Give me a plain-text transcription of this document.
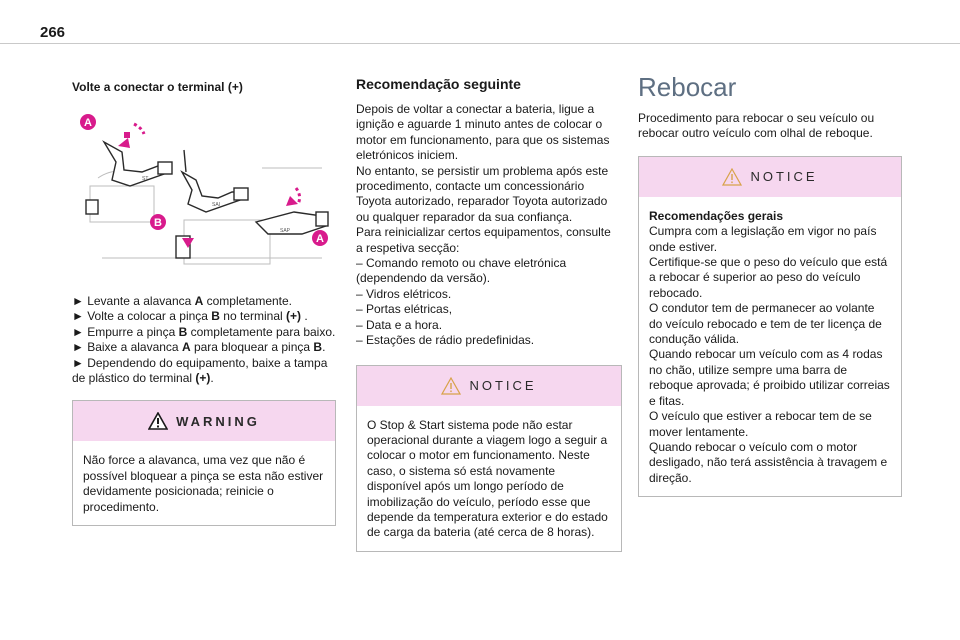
266
Volte a conectar o terminal (+)
A
B
A
ST
SAI
SAP
► Levante a alavanca A completamente.
► Volte a colocar a pinça B no terminal (+) .
► Empurre a pinça B completamente para baixo.
► Baixe a alavanca A para bloquear a pinça B.
► Dependendo do equipamento, baixe a tampa de plástico do terminal (+).
WARNING
Não force a alavanca, uma vez que não é possível bloquear a pinça se esta não estiver devidamente posicionada; reinicie o procedimento.
Recomendação seguinte

Depois de voltar a conectar a bateria, ligue a

ignição e aguarde 1 minuto antes de colocar o

motor em funcionamento, para que os sistemas

eletrónicos iniciem.

No entanto, se persistir um problema após este

procedimento, contacte um concessionário

Toyota autorizado, reparador Toyota autorizado

ou qualquer reparador da sua confiança.

Para reinicializar certos equipamentos, consulte

a respetiva secção:

– Comando remoto ou chave eletrónica

(dependendo da versão).

– Vidros elétricos.

– Portas elétricas,

– Data e a hora.

– Estações de rádio predefinidas.

NOTICE
O Stop & Start sistema pode não estar operacional durante a viagem logo a seguir a colocar o motor em funcionamento. Neste caso, o sistema só está novamente disponível após um longo período de imobilização do veículo, período esse que depende da temperatura exterior e do estado de carga da bateria (até cerca de 8 horas).
Rebocar

Procedimento para rebocar o seu veículo ou rebocar outro veículo com olhal de reboque.

NOTICE
Recomendações gerais
Cumpra com a legislação em vigor no país onde estiver.
Certifique-se que o peso do veículo que está a rebocar é superior ao peso do veículo rebocado.
O condutor tem de permanecer ao volante do veículo rebocado e tem de ter licença de condução válida.
Quando rebocar um veículo com as 4 rodas no chão, utilize sempre uma barra de reboque aprovada; é proibido utilizar correias e fitas.
O veículo que estiver a rebocar tem de se mover lentamente.
Quando rebocar o veículo com o motor desligado, não terá assistência à travagem e direção.
